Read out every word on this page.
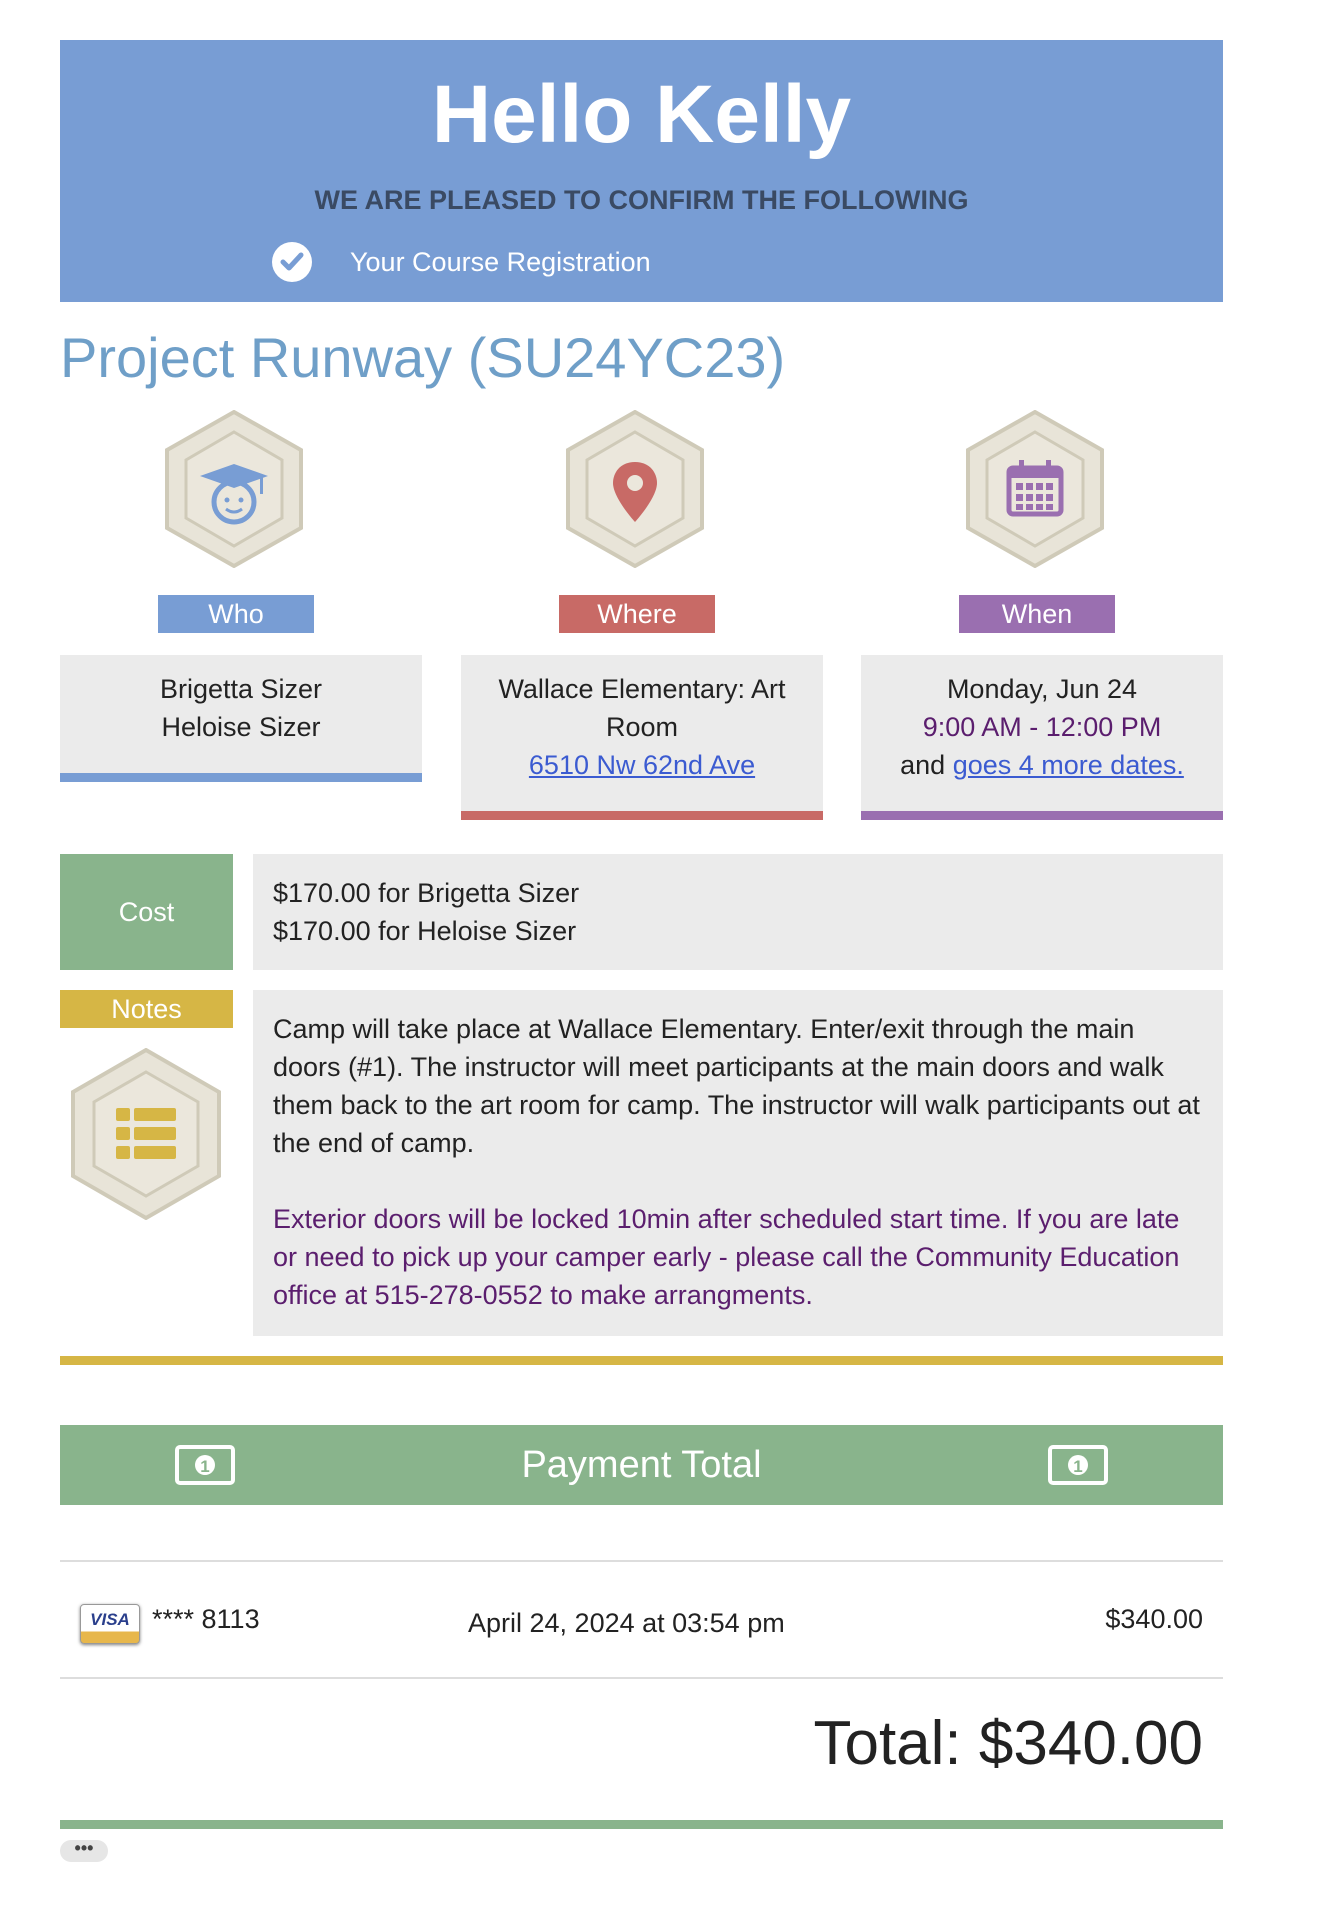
Hello Kelly
WE ARE PLEASED TO CONFIRM THE FOLLOWING
Your Course Registration
Project Runway (SU24YC23)
Who
Brigetta Sizer
Heloise Sizer
Where
Wallace Elementary: Art
Room
6510 Nw 62nd Ave
When
Monday, Jun 24
9:00 AM - 12:00 PM
and goes 4 more dates.
Cost
$170.00 for Brigetta Sizer
$170.00 for Heloise Sizer
Notes

Camp will take place at Wallace Elementary. Enter/exit through the main doors (#1). The instructor will meet participants at the main doors and walk them back to the art room for camp. The instructor will walk participants out at the end of camp.

Exterior doors will be locked 10min after scheduled start time. If you are late or need to pick up your camper early - please call the Community Education office at 515-278-0552 to make arrangments.

1	Payment Total	1
VISA **** 8113	April 24, 2024 at 03:54 pm	$340.00
Total: $340.00
•••
